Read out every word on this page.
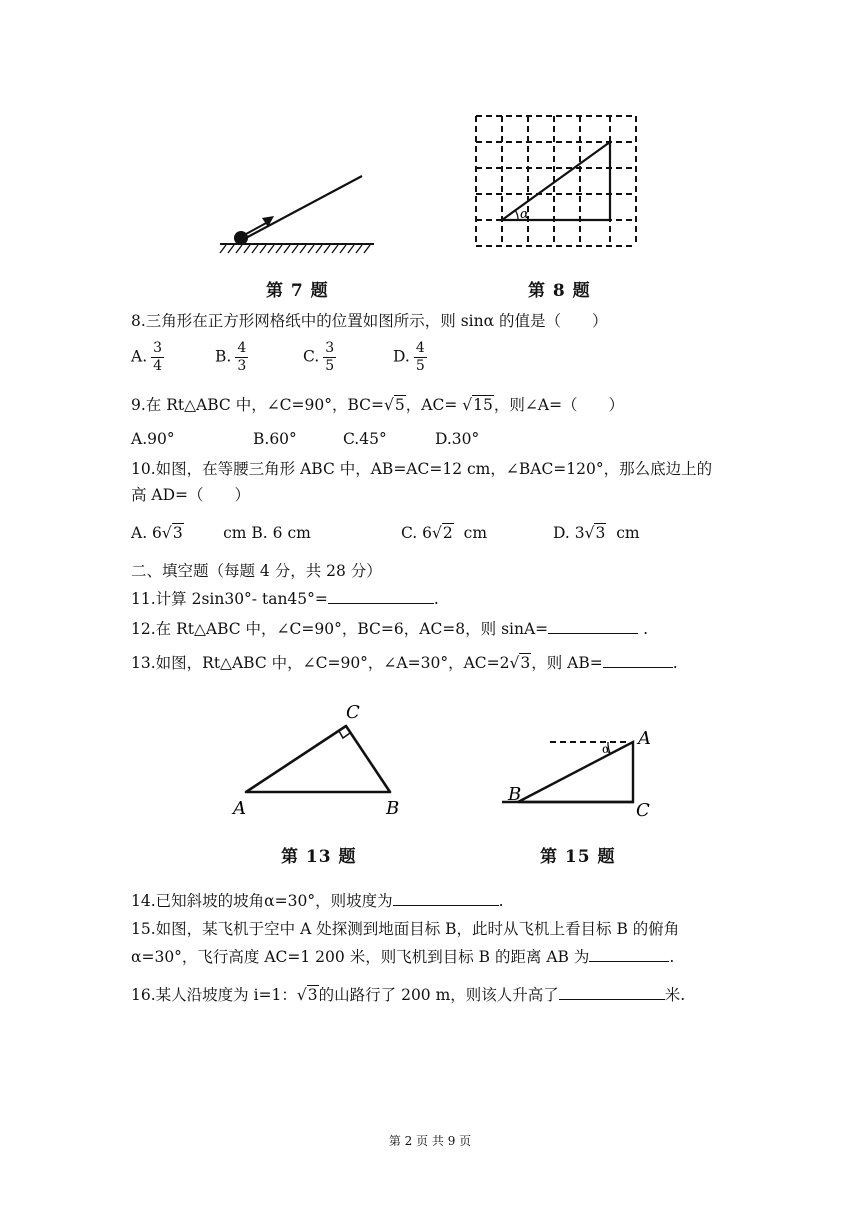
第 7 题
α
第 8 题
8.三角形在正方形网格纸中的位置如图所示，则 sinα 的值是（　　）
A. $\frac{3}{4}$	B. $\frac{4}{3}$	C. $\frac{3}{5}$	D. $\frac{4}{5}$
9.在 Rt△ABC 中，∠C=90°，BC=√5，AC= √15，则∠A=（　　）
A.90°	B.60°	C.45°	D.30°
10.如图，在等腰三角形 ABC 中，AB=AC=12 cm，∠BAC=120°，那么底边上的
高 AD=（　　）
A. 6√3	cm B. 6 cm	C. 6√2 cm	D. 3√3 cm
二、填空题（每题 4 分，共 28 分）
11.计算 2sin30°- tan45°=	.
12.在 Rt△ABC 中，∠C=90°，BC=6，AC=8，则 sinA=	.
13.如图，Rt△ABC 中，∠C=90°，∠A=30°，AC=2√3，则 AB=	.
A	B
C
第 13 题
α A
B
C
第 15 题
14.已知斜坡的坡角α=30°，则坡度为	.
15.如图，某飞机于空中 A 处探测到地面目标 B，此时从飞机上看目标 B 的俯角
α=30°，飞行高度 AC=1 200 米，则飞机到目标 B 的距离 AB 为	.
16.某人沿坡度为 i=1：√3的山路行了 200 m，则该人升高了	米.
第 2 页 共 9 页
